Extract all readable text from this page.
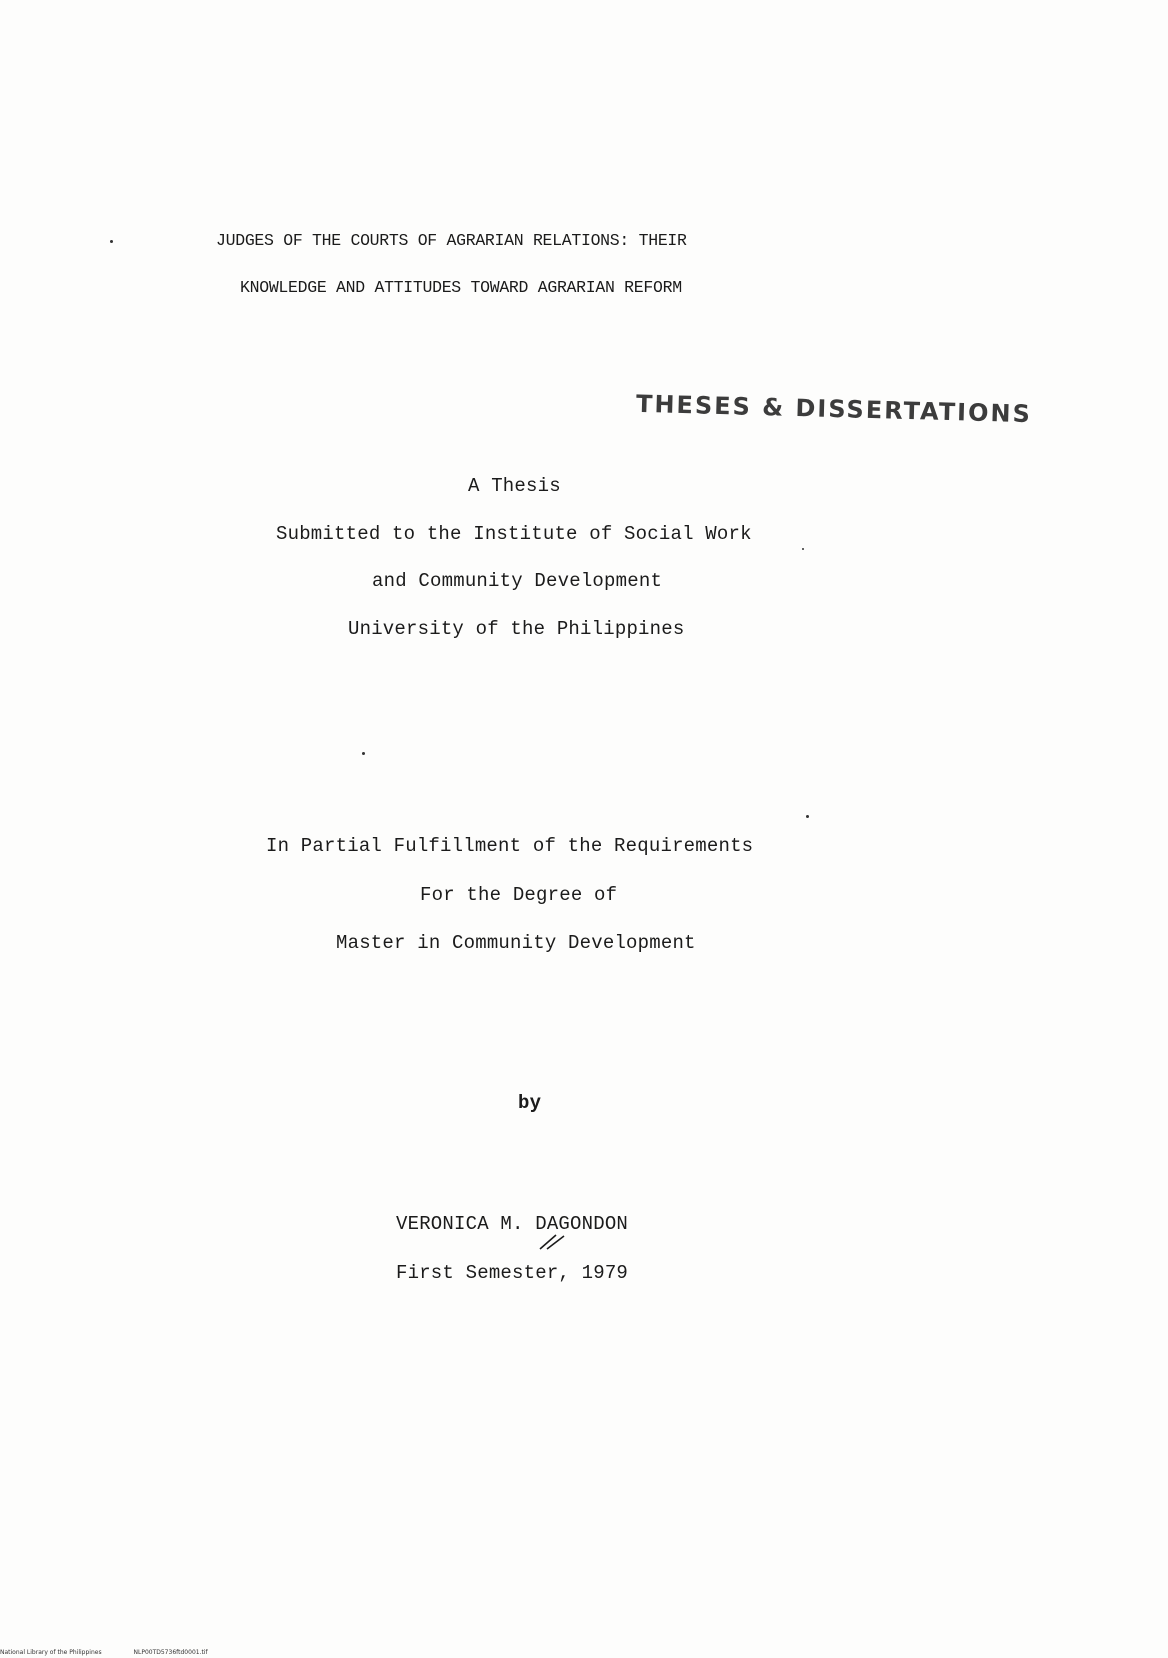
JUDGES OF THE COURTS OF AGRARIAN RELATIONS: THEIR
KNOWLEDGE AND ATTITUDES TOWARD AGRARIAN REFORM
THESES & DISSERTATIONS
A Thesis
Submitted to the Institute of Social Work
and Community Development
University of the Philippines
In Partial Fulfillment of the Requirements
For the Degree of
Master in Community Development
by
VERONICA M. DAGONDON
First Semester, 1979
National Library of the Philippines	NLP00TD5736ftd0001.tif
